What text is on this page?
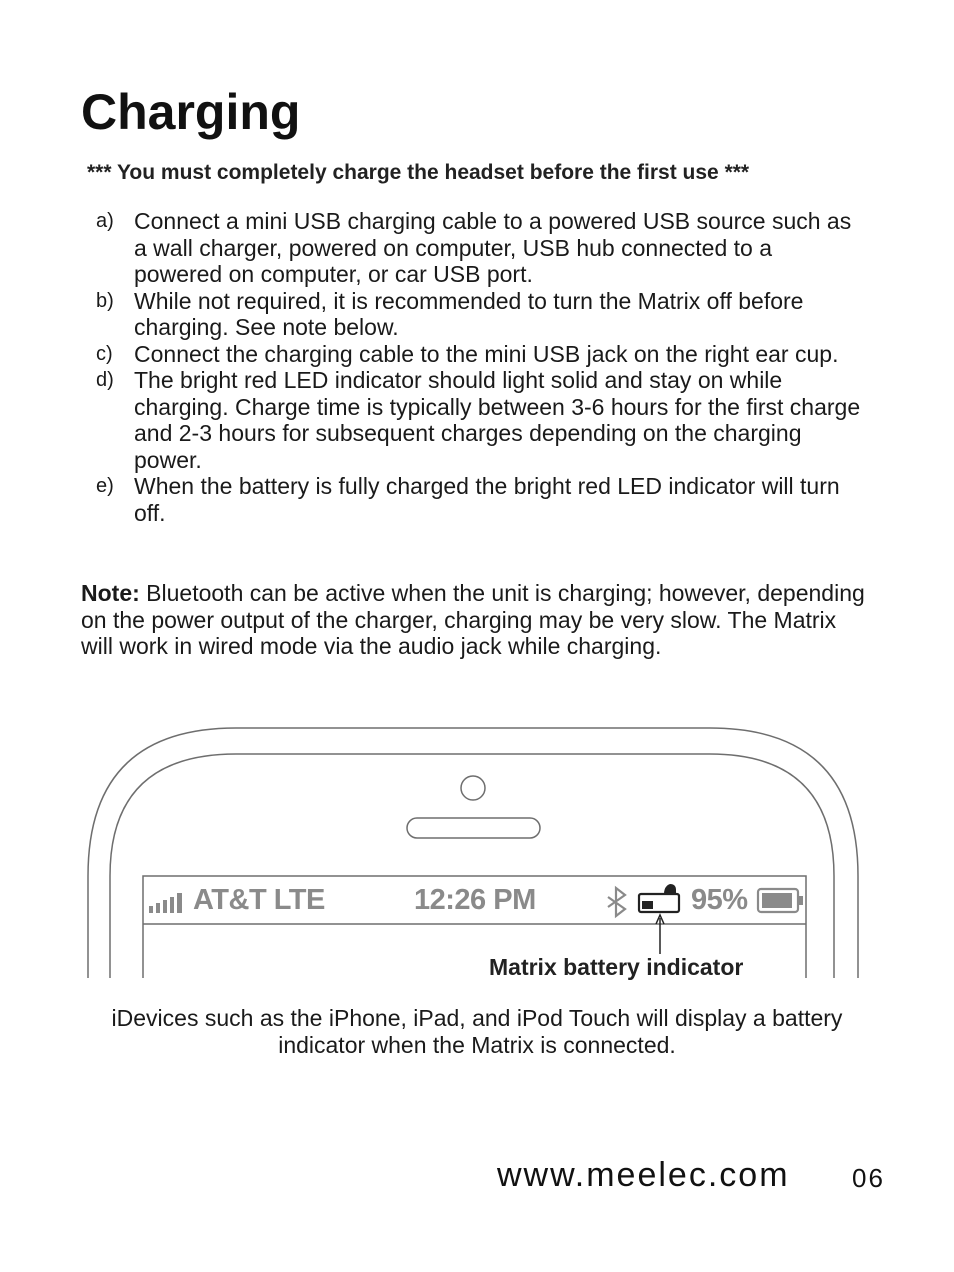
Charging
*** You must completely charge the headset before the first use ***
a) Connect a mini USB charging cable to a powered USB source such as a wall charger, powered on computer, USB hub connected to a powered on computer, or car USB port.
b) While not required, it is recommended to turn the Matrix off before charging. See note below.
c) Connect the charging cable to the mini USB jack on the right ear cup.
d) The bright red LED indicator should light solid and stay on while charging. Charge time is typically between 3-6 hours for the first charge and 2-3 hours for subsequent charges depending on the charging power.
e) When the battery is fully charged the bright red LED indicator will turn off.

Note: Bluetooth can be active when the unit is charging; however, depending on the power output of the charger, charging may be very slow. The Matrix will work in wired mode via the audio jack while charging.

AT&T LTE	12:26 PM	95%
Matrix battery indicator

iDevices such as the iPhone, iPad, and iPod Touch will display a battery indicator when the Matrix is connected.

www.meelec.com 06
